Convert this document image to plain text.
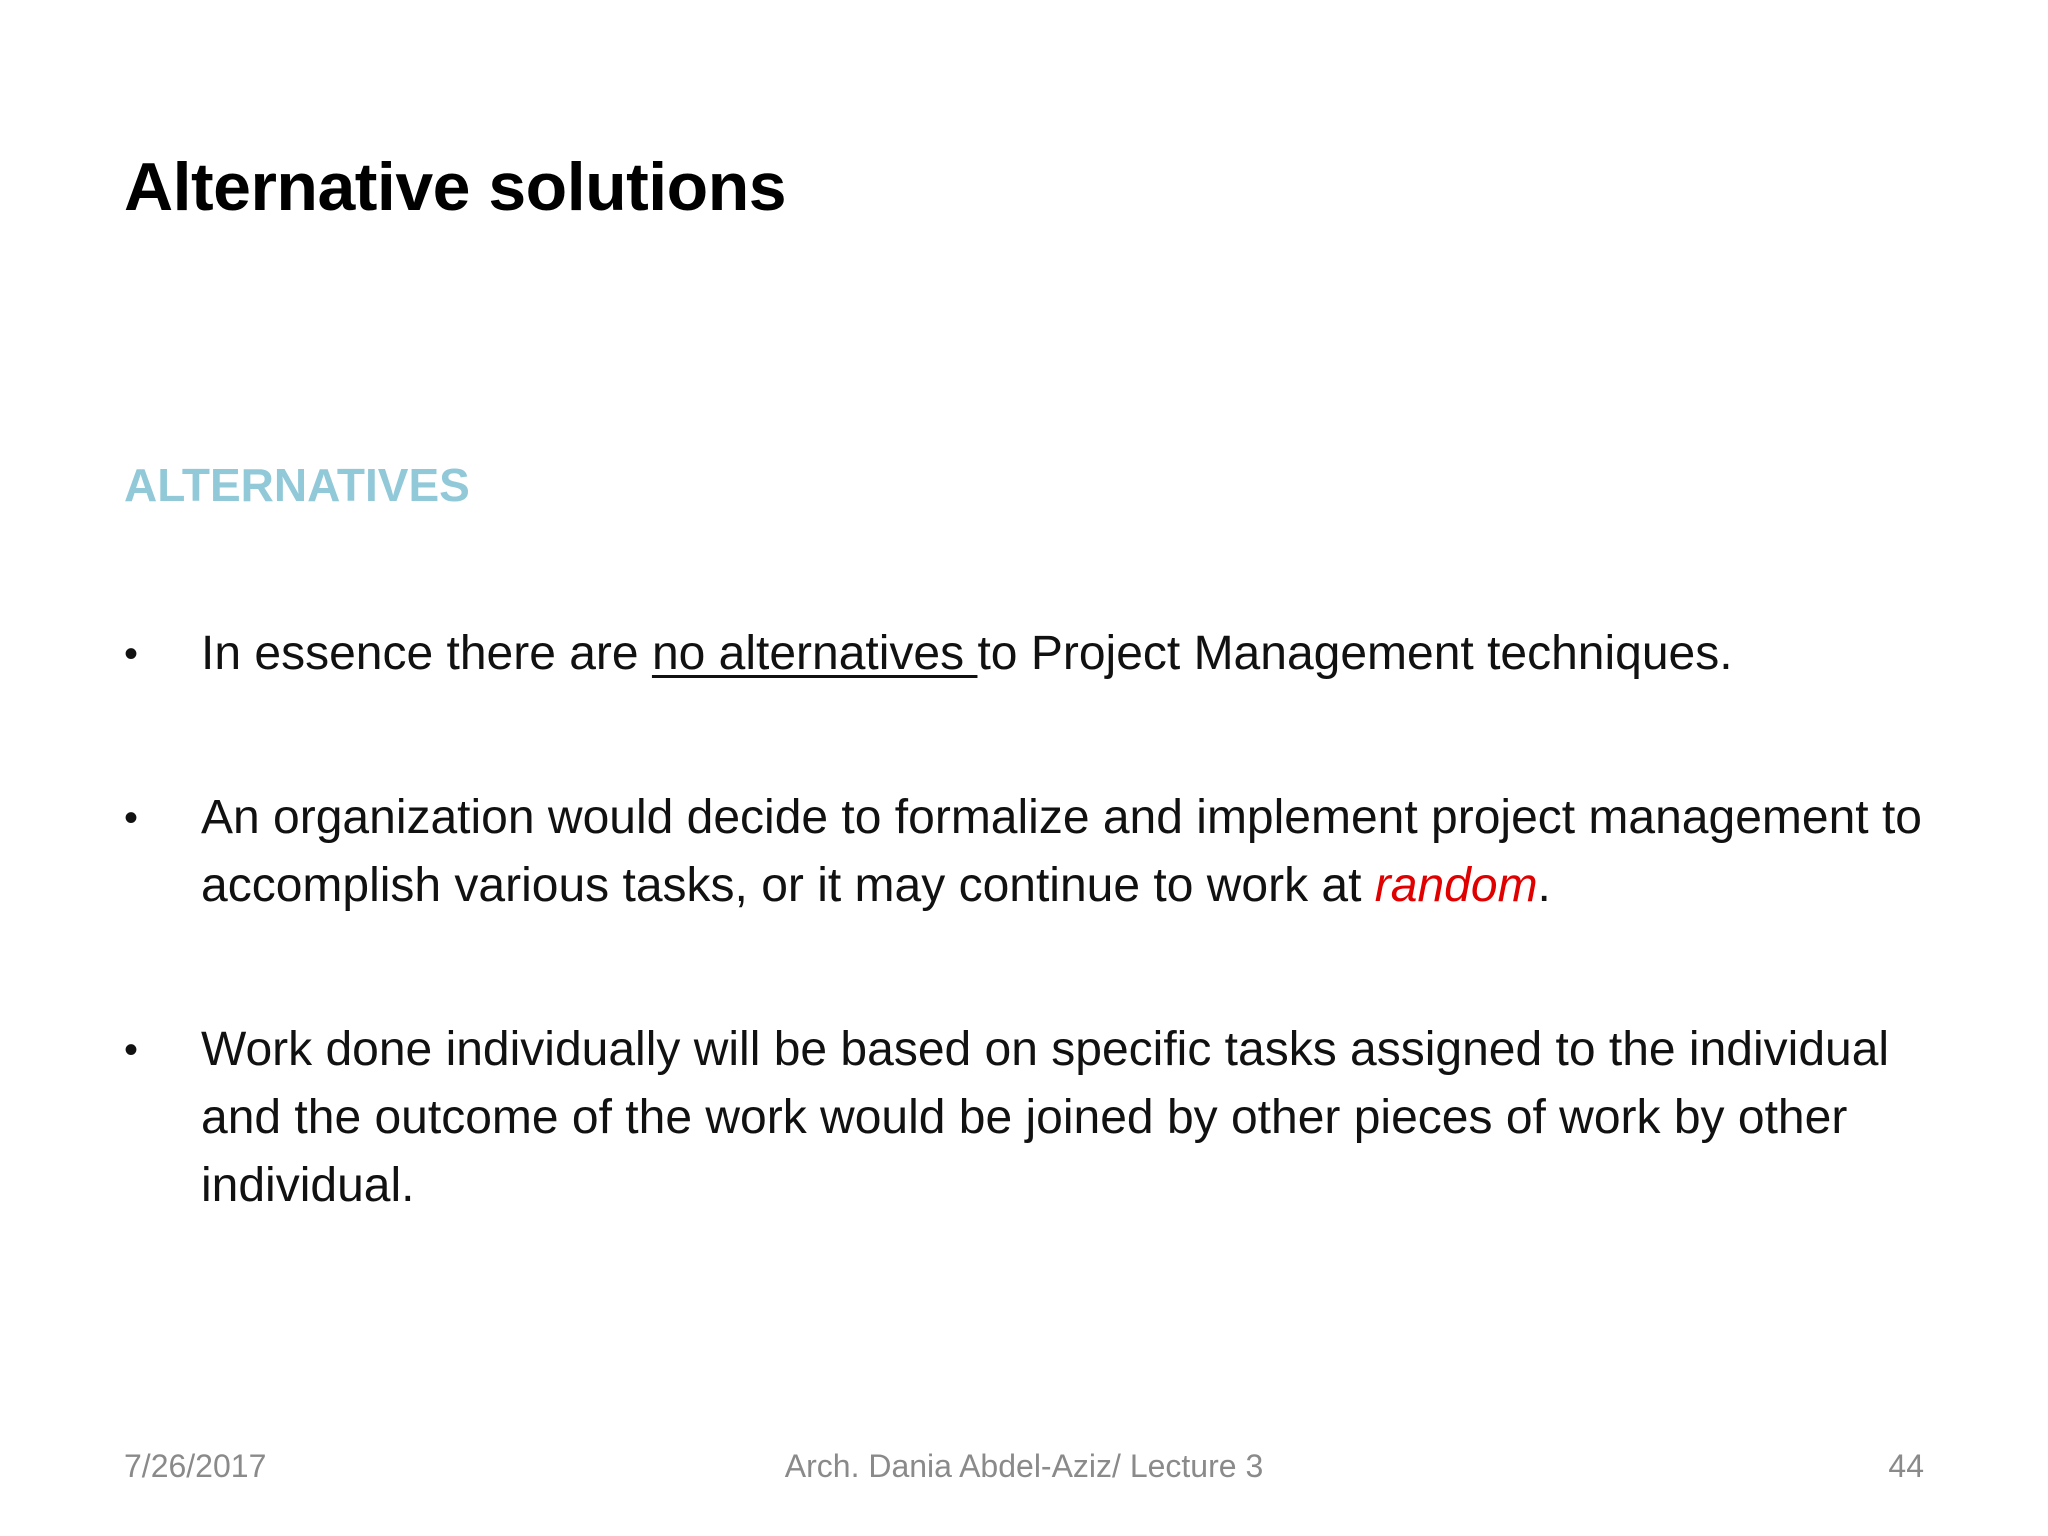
Alternative solutions
ALTERNATIVES
•	In essence there are no alternatives to Project Management techniques.
•	An organization would decide to formalize and implement project management to accomplish various tasks, or it may continue to work at random.
•	Work done individually will be based on specific tasks assigned to the individual and the outcome of the work would be joined by other pieces of work by other individual.
7/26/2017	Arch. Dania Abdel-Aziz/ Lecture 3	44
